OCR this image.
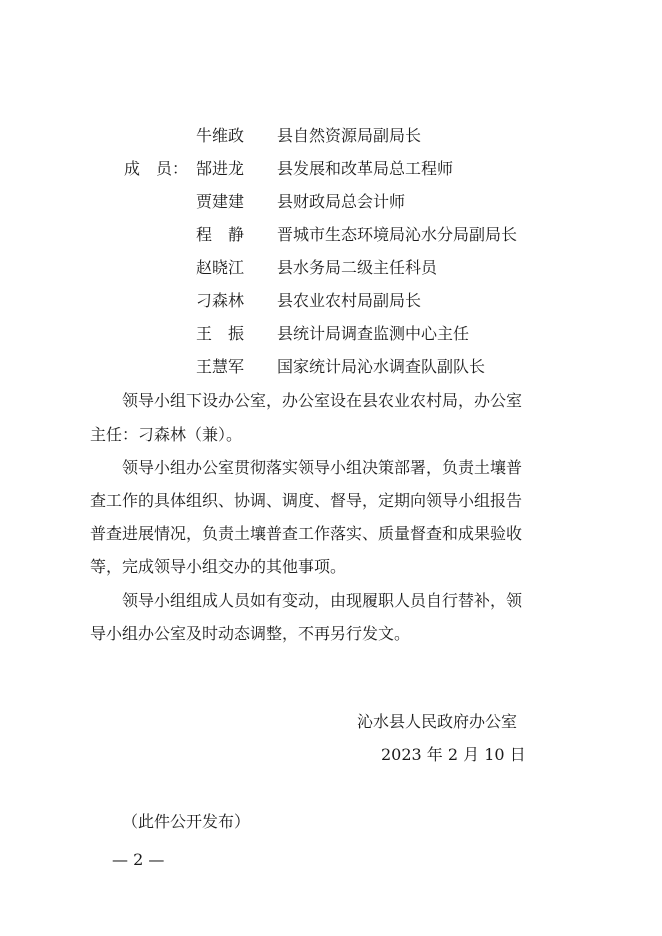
牛维政	县自然资源局副局长
成　员： 郜进龙	县发展和改革局总工程师
贾建建	县财政局总会计师
程　静	晋城市生态环境局沁水分局副局长
赵晓江	县水务局二级主任科员
刁森林	县农业农村局副局长
王　振	县统计局调查监测中心主任
王慧军	国家统计局沁水调查队副队长
领导小组下设办公室，办公室设在县农业农村局，办公室
主任：刁森林（兼）。
领导小组办公室贯彻落实领导小组决策部署，负责土壤普
查工作的具体组织、协调、调度、督导，定期向领导小组报告
普查进展情况，负责土壤普查工作落实、质量督查和成果验收
等，完成领导小组交办的其他事项。
领导小组组成人员如有变动，由现履职人员自行替补，领
导小组办公室及时动态调整，不再另行发文。
沁水县人民政府办公室
2023 年 2 月 10 日
（此件公开发布）
— 2 —
